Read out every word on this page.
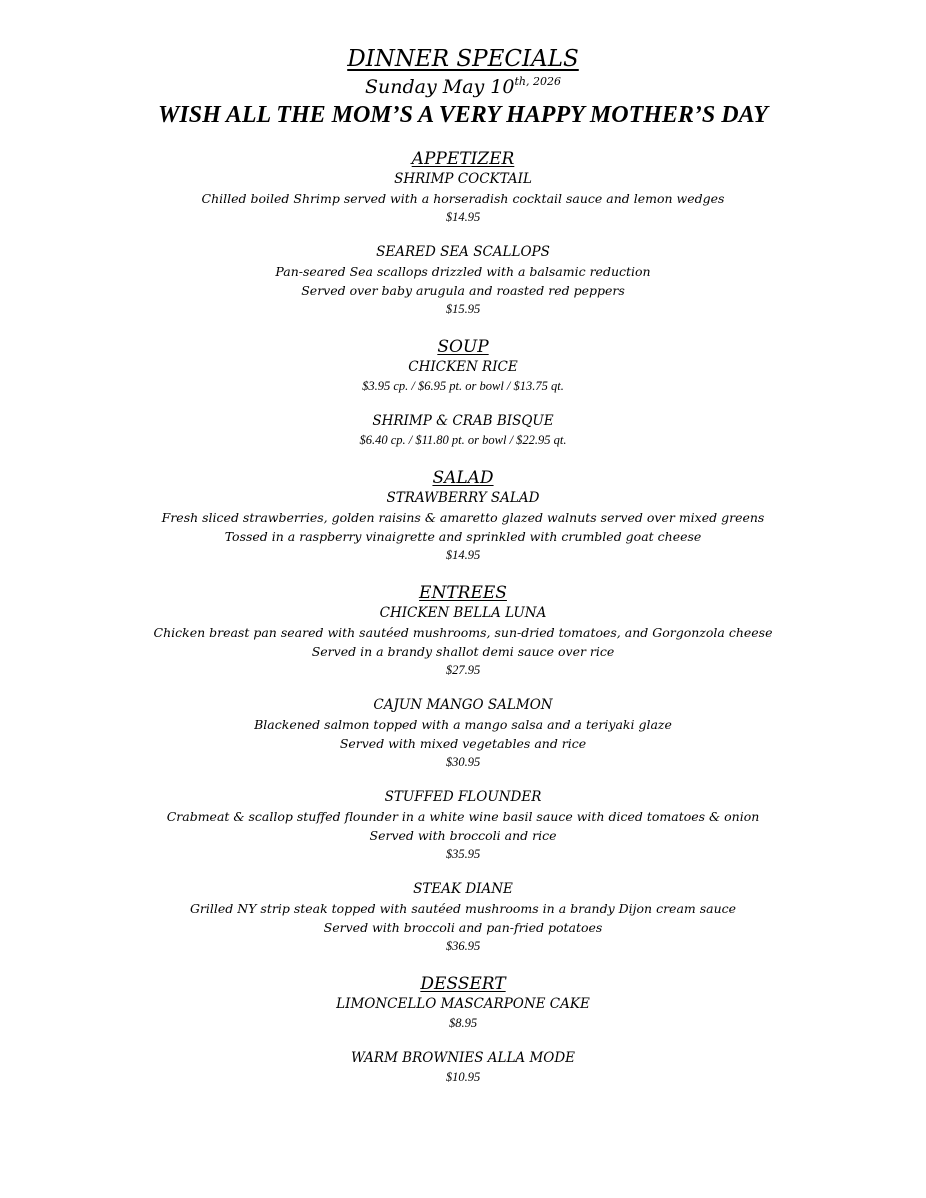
DINNER SPECIALS

Sunday May $10^{th, 2026}$

WISH ALL THE MOM’S A VERY HAPPY MOTHER’S DAY

APPETIZER

SHRIMP COCKTAIL

Chilled boiled Shrimp served with a horseradish cocktail sauce and lemon wedges

$14.95

SEARED SEA SCALLOPS

Pan-seared Sea scallops drizzled with a balsamic reduction

Served over baby arugula and roasted red peppers

$15.95

SOUP

CHICKEN RICE

$3.95 cp. / $6.95 pt. or bowl / $13.75 qt.

SHRIMP & CRAB BISQUE

$6.40 cp. / $11.80 pt. or bowl / $22.95 qt.

SALAD

STRAWBERRY SALAD

Fresh sliced strawberries, golden raisins & amaretto glazed walnuts served over mixed greens

Tossed in a raspberry vinaigrette and sprinkled with crumbled goat cheese

$14.95

ENTREES

CHICKEN BELLA LUNA

Chicken breast pan seared with sautéed mushrooms, sun-dried tomatoes, and Gorgonzola cheese

Served in a brandy shallot demi sauce over rice

$27.95

CAJUN MANGO SALMON

Blackened salmon topped with a mango salsa and a teriyaki glaze

Served with mixed vegetables and rice

$30.95

STUFFED FLOUNDER

Crabmeat & scallop stuffed flounder in a white wine basil sauce with diced tomatoes & onion

Served with broccoli and rice

$35.95

STEAK DIANE

Grilled NY strip steak topped with sautéed mushrooms in a brandy Dijon cream sauce

Served with broccoli and pan-fried potatoes

$36.95

DESSERT

LIMONCELLO MASCARPONE CAKE

$8.95

WARM BROWNIES ALLA MODE

$10.95
